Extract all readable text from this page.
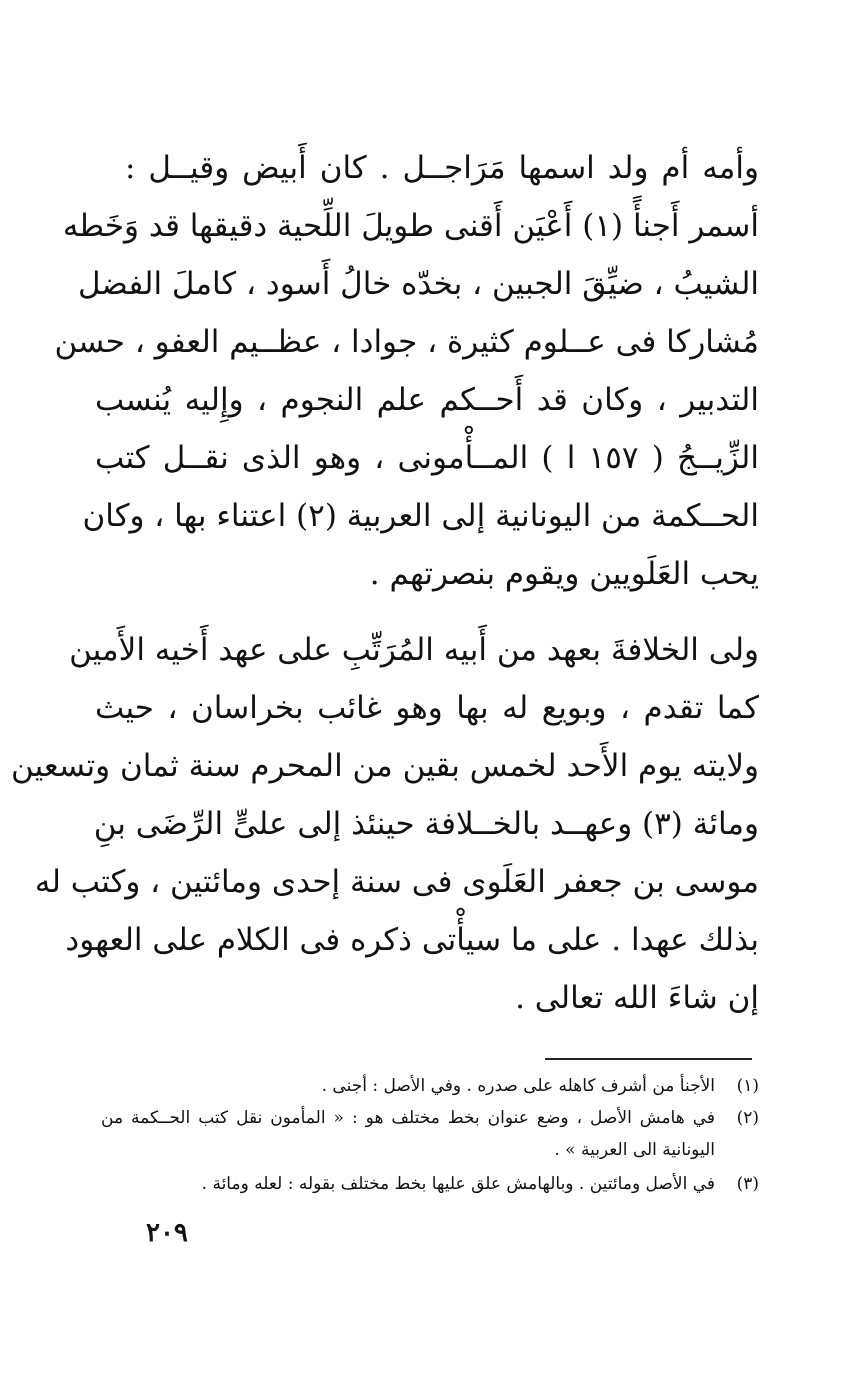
وأمه أم ولد اسمها مَرَاجــل . كان أَبيض وقيــل :
أسمر أَجنأً (١) أَعْيَن أَقنى طويلَ اللِّحية دقيقها قد وَخَطه
الشيبُ ، ضيِّقَ الجبين ، بخدّه خالُ أَسود ، كاملَ الفضل
مُشاركا فى عــلوم كثيرة ، جوادا ، عظــيم العفو ، حسن
التدبير ، وكان قد أَحــكم علم النجوم ، وإِليه يُنسب
الزِّيــجُ ( ١٥٧ ا ) المــأْمونى ، وهو الذى نقــل كتب
الحــكمة من اليونانية إلى العربية (٢) اعتناء بها ، وكان
يحب العَلَويين ويقوم بنصرتهم .
ولى الخلافةَ بعهد من أَبيه المُرَتِّبِ على عهد أَخيه الأَمين
كما تقدم ، وبويع له بها وهو غائب بخراسان ، حيث
ولايته يوم الأَحد لخمس بقين من المحرم سنة ثمان وتسعين
ومائة (٣) وعهــد بالخــلافة حينئذ إلى علىٍّ الرِّضَى بنِ
موسى بن جعفر العَلَوى فى سنة إحدى ومائتين ، وكتب له
بذلك عهدا . على ما سيأْتى ذكره فى الكلام على العهود
إن شاءَ الله تعالى .
(١)الأجنأ من أشرف كاهله على صدره . وفي الأصل : أجنى .
(٢)في هامش الأصل ، وضع عنوان بخط مختلف هو : « المأمون نقل كتب الحــكمة من
اليونانية الى العربية » .
(٣)في الأصل ومائتين . وبالهامش علق عليها بخط مختلف بقوله : لعله ومائة .
٢٠٩
